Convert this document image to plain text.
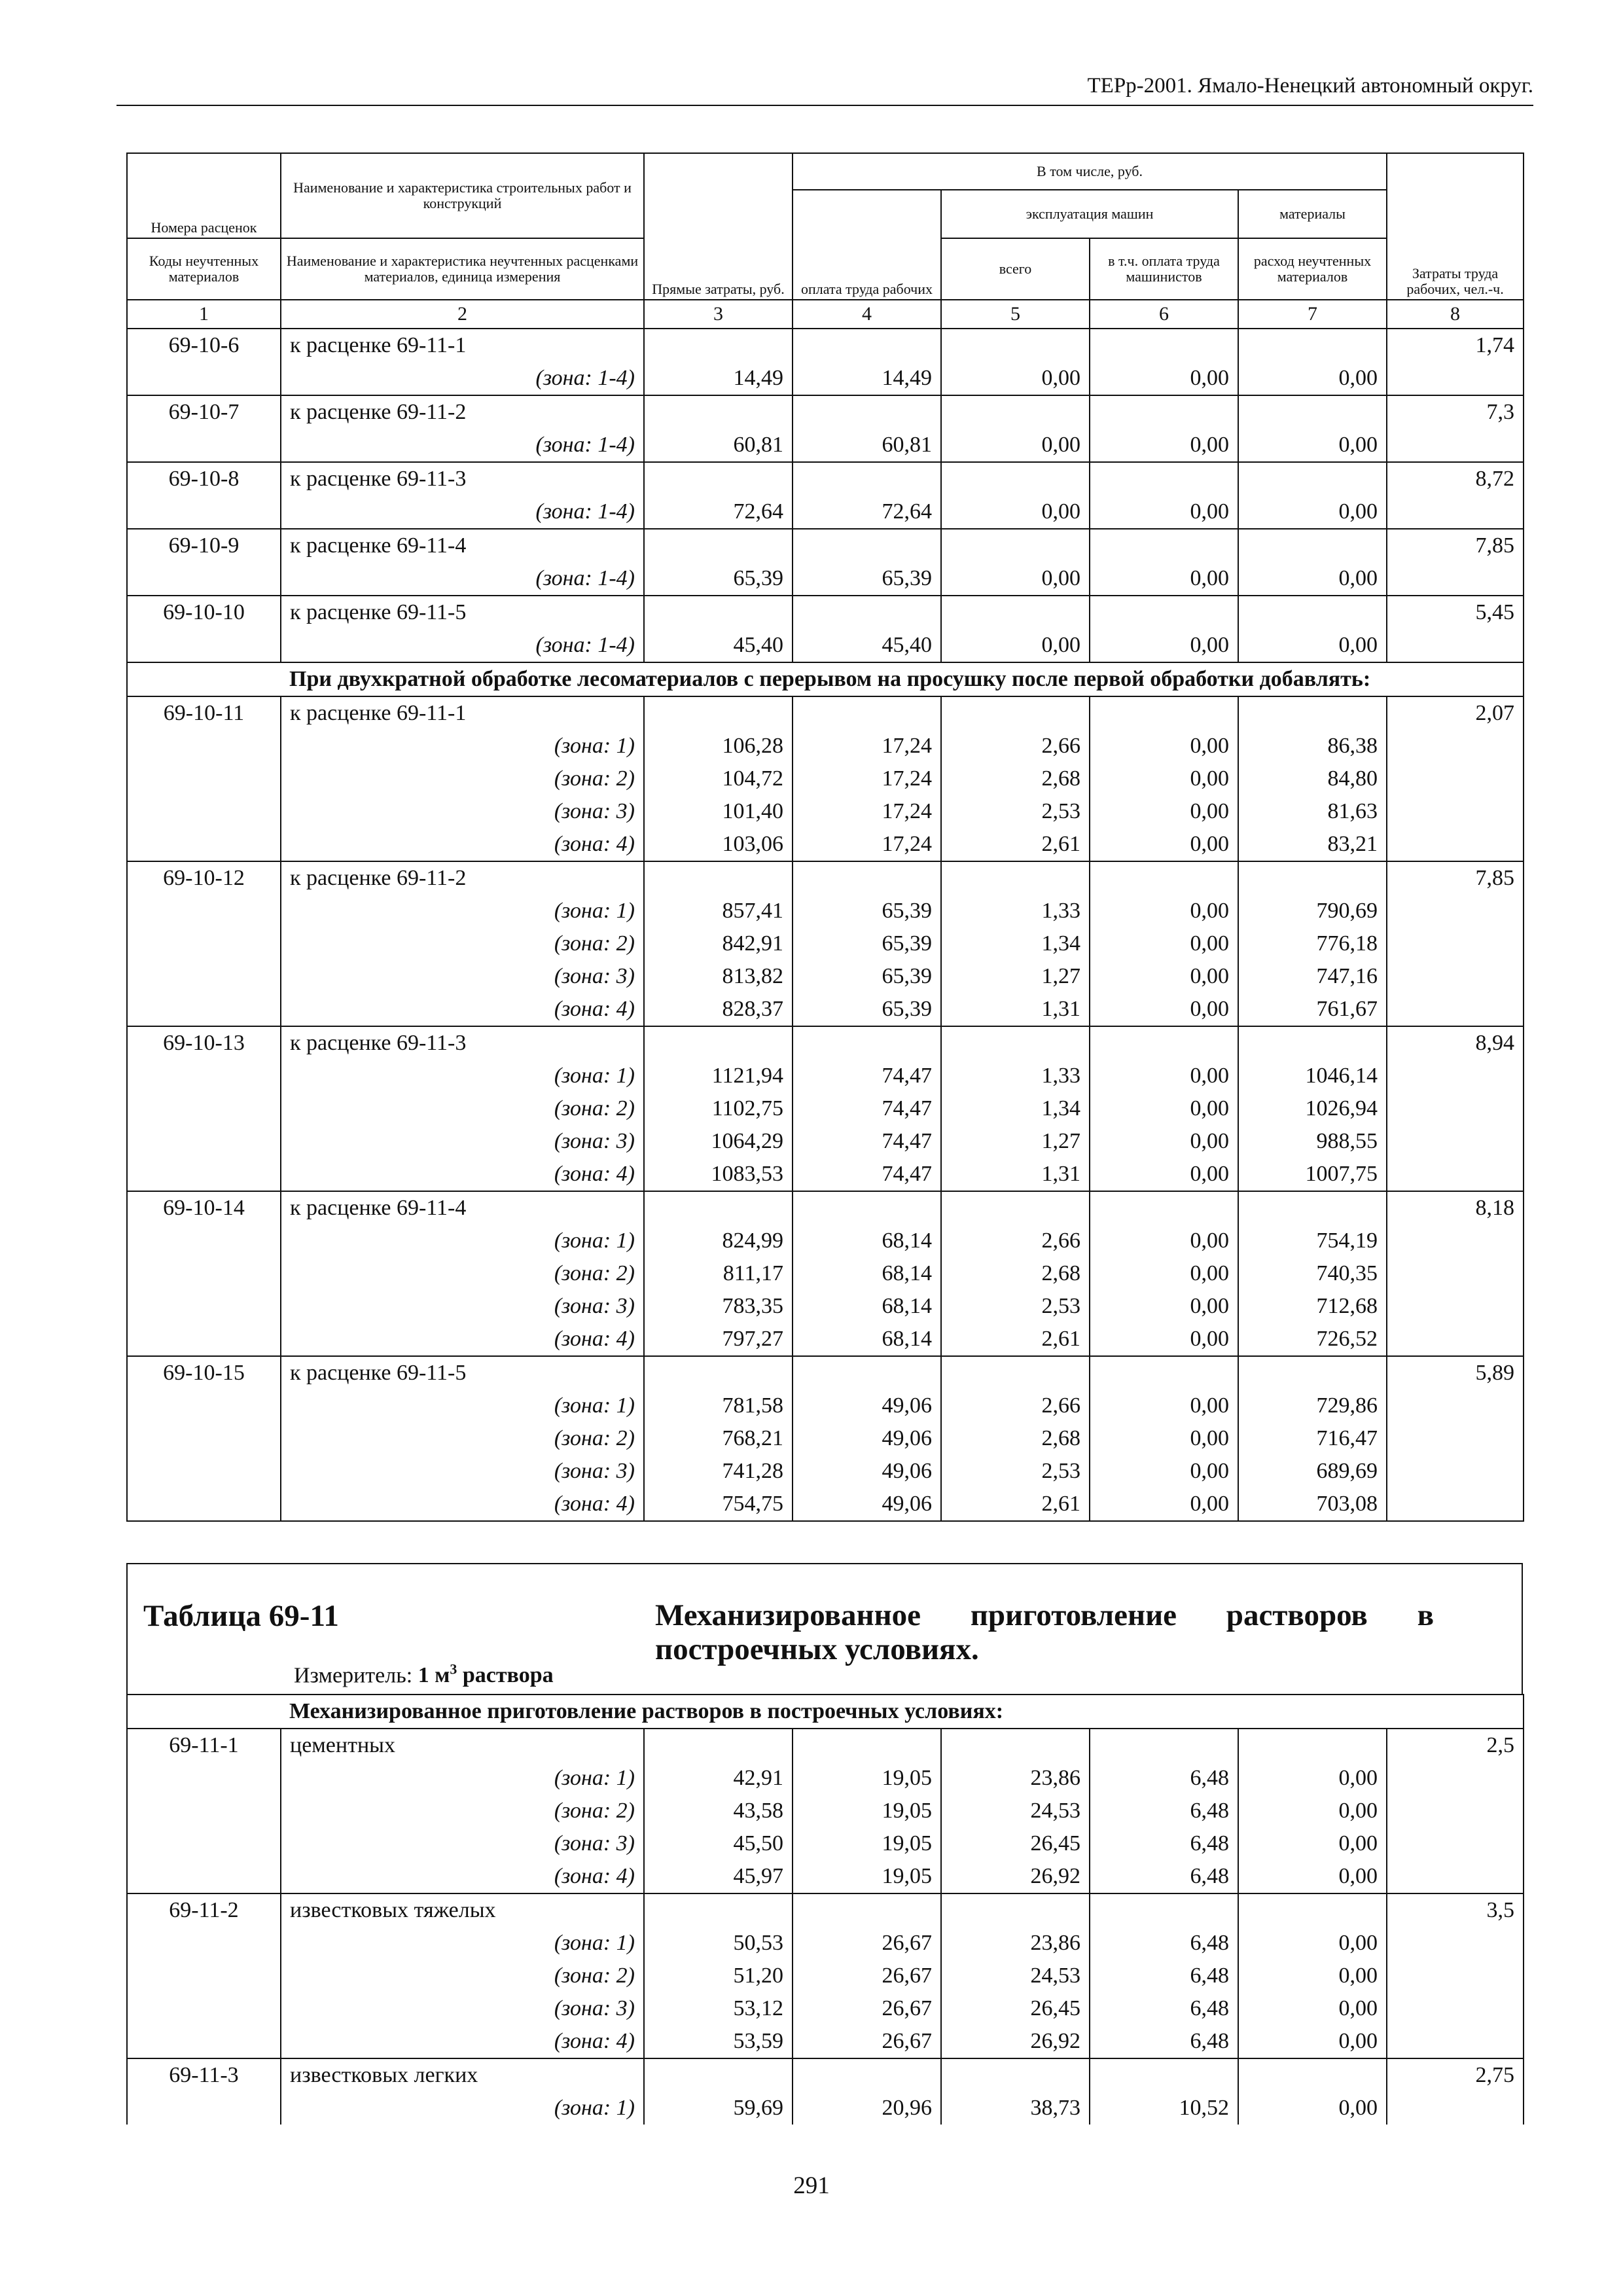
ТЕРр-2001. Ямало-Ненецкий автономный округ.
Номера расценок	Наименование и характеристика строительных работ и конструкций	Прямые затраты, руб.	В том числе, руб.				Затраты труда рабочих, чел.-ч.
			оплата труда рабочих	эксплуатация машин		материалы	
Коды неучтенных материалов	Наименование и характеристика неучтенных расценками материалов, единица измерения			всего	в т.ч. оплата труда машинистов	расход неучтенных материалов	
1	2	3	4	5	6	7	8
69-10-6	к расценке 69-11-1						1,74
	(зона: 1-4)	14,49	14,49	0,00	0,00	0,00	
69-10-7	к расценке 69-11-2						7,3
	(зона: 1-4)	60,81	60,81	0,00	0,00	0,00	
69-10-8	к расценке 69-11-3						8,72
	(зона: 1-4)	72,64	72,64	0,00	0,00	0,00	
69-10-9	к расценке 69-11-4						7,85
	(зона: 1-4)	65,39	65,39	0,00	0,00	0,00	
69-10-10	к расценке 69-11-5						5,45
	(зона: 1-4)	45,40	45,40	0,00	0,00	0,00	
	При двухкратной обработке лесоматериалов с перерывом на просушку после первой обработки добавлять:						
69-10-11	к расценке 69-11-1						2,07
	(зона: 1)	106,28	17,24	2,66	0,00	86,38	
	(зона: 2)	104,72	17,24	2,68	0,00	84,80	
	(зона: 3)	101,40	17,24	2,53	0,00	81,63	
	(зона: 4)	103,06	17,24	2,61	0,00	83,21	
69-10-12	к расценке 69-11-2						7,85
	(зона: 1)	857,41	65,39	1,33	0,00	790,69	
	(зона: 2)	842,91	65,39	1,34	0,00	776,18	
	(зона: 3)	813,82	65,39	1,27	0,00	747,16	
	(зона: 4)	828,37	65,39	1,31	0,00	761,67	
69-10-13	к расценке 69-11-3						8,94
	(зона: 1)	1121,94	74,47	1,33	0,00	1046,14	
	(зона: 2)	1102,75	74,47	1,34	0,00	1026,94	
	(зона: 3)	1064,29	74,47	1,27	0,00	988,55	
	(зона: 4)	1083,53	74,47	1,31	0,00	1007,75	
69-10-14	к расценке 69-11-4						8,18
	(зона: 1)	824,99	68,14	2,66	0,00	754,19	
	(зона: 2)	811,17	68,14	2,68	0,00	740,35	
	(зона: 3)	783,35	68,14	2,53	0,00	712,68	
	(зона: 4)	797,27	68,14	2,61	0,00	726,52	
69-10-15	к расценке 69-11-5						5,89
	(зона: 1)	781,58	49,06	2,66	0,00	729,86	
	(зона: 2)	768,21	49,06	2,68	0,00	716,47	
	(зона: 3)	741,28	49,06	2,53	0,00	689,69	
	(зона: 4)	754,75	49,06	2,61	0,00	703,08	
Таблица 69-11	Механизированное приготовление растворов в построечных условиях.
Измеритель: 1 $м^3$ раствора
	Механизированное приготовление растворов в построечных условиях:						
69-11-1	цементных						2,5
	(зона: 1)	42,91	19,05	23,86	6,48	0,00	
	(зона: 2)	43,58	19,05	24,53	6,48	0,00	
	(зона: 3)	45,50	19,05	26,45	6,48	0,00	
	(зона: 4)	45,97	19,05	26,92	6,48	0,00	
69-11-2	известковых тяжелых						3,5
	(зона: 1)	50,53	26,67	23,86	6,48	0,00	
	(зона: 2)	51,20	26,67	24,53	6,48	0,00	
	(зона: 3)	53,12	26,67	26,45	6,48	0,00	
	(зона: 4)	53,59	26,67	26,92	6,48	0,00	
69-11-3	известковых легких						2,75
	(зона: 1)	59,69	20,96	38,73	10,52	0,00	
291
